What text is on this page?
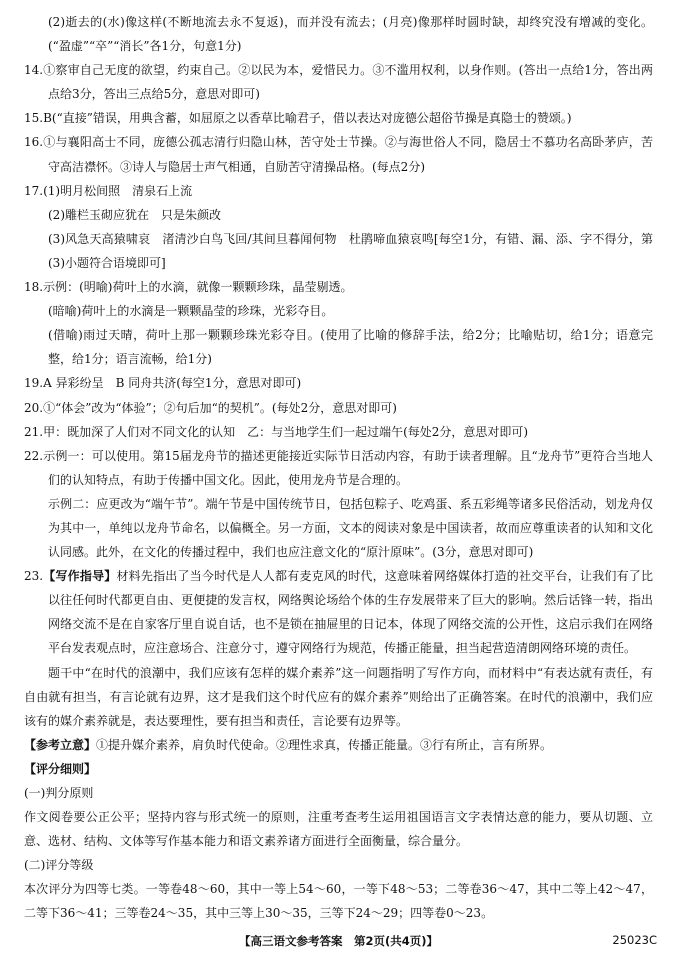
(2)逝去的(水)像这样(不断地流去永不复返)，而并没有流去；(月亮)像那样时圆时缺，却终究没有增减的变化。(“盈虚”“卒”“消长”各1分，句意1分)

14.①察审自己无度的欲望，约束自己。②以民为本，爱惜民力。③不滥用权利，以身作则。(答出一点给1分，答出两点给3分，答出三点给5分，意思对即可)

15.B(“直接”错误，用典含蓄，如屈原之以香草比喻君子，借以表达对庞德公超俗节操是真隐士的赞颂。)

16.①与襄阳高士不同，庞德公孤志清行归隐山林，苦守处士节操。②与海世俗人不同，隐居士不慕功名高卧茅庐，苦守高洁襟怀。③诗人与隐居士声气相通，自励苦守清操品格。(每点2分)

17.(1)明月松间照　清泉石上流

(2)雕栏玉砌应犹在　只是朱颜改

(3)风急天高猿啸哀　渚清沙白鸟飞回/其间旦暮闻何物　杜鹃啼血猿哀鸣[每空1分，有错、漏、添、字不得分，第(3)小题符合语境即可]

18.示例：(明喻)荷叶上的水滴，就像一颗颗珍珠，晶莹剔透。

(暗喻)荷叶上的水滴是一颗颗晶莹的珍珠，光彩夺目。

(借喻)雨过天晴，荷叶上那一颗颗珍珠光彩夺目。(使用了比喻的修辞手法，给2分；比喻贴切，给1分；语意完整，给1分；语言流畅，给1分)

19.A 异彩纷呈　B 同舟共济(每空1分，意思对即可)

20.①“体会”改为“体验”；②句后加“的契机”。(每处2分，意思对即可)

21.甲：既加深了人们对不同文化的认知　乙：与当地学生们一起过端午(每处2分，意思对即可)

22.示例一：可以使用。第15届龙舟节的描述更能接近实际节日活动内容，有助于读者理解。且“龙舟节”更符合当地人们的认知特点，有助于传播中国文化。因此，使用龙舟节是合理的。

示例二：应更改为“端午节”。端午节是中国传统节日，包括包粽子、吃鸡蛋、系五彩绳等诸多民俗活动，划龙舟仅为其中一，单纯以龙舟节命名，以偏概全。另一方面，文本的阅读对象是中国读者，故而应尊重读者的认知和文化认同感。此外，在文化的传播过程中，我们也应注意文化的“原汁原味”。(3分，意思对即可)

23.【写作指导】材料先指出了当今时代是人人都有麦克风的时代，这意味着网络媒体打造的社交平台，让我们有了比以往任何时代都更自由、更便捷的发言权，网络舆论场给个体的生存发展带来了巨大的影响。然后话锋一转，指出网络交流不是在自家客厅里自说自话，也不是锁在抽屉里的日记本，体现了网络交流的公开性，这启示我们在网络平台发表观点时，应注意场合、注意分寸，遵守网络行为规范，传播正能量，担当起营造清朗网络环境的责任。

题干中“在时代的浪潮中，我们应该有怎样的媒介素养”这一问题指明了写作方向，而材料中“有表达就有责任，有自由就有担当，有言论就有边界，这才是我们这个时代应有的媒介素养”则给出了正确答案。在时代的浪潮中，我们应该有的媒介素养就是，表达要理性，要有担当和责任，言论要有边界等。

【参考立意】①提升媒介素养，肩负时代使命。②理性求真，传播正能量。③行有所止，言有所界。

【评分细则】

(一)判分原则

作文阅卷要公正公平；坚持内容与形式统一的原则，注重考查考生运用祖国语言文字表情达意的能力，要从切题、立意、选材、结构、文体等写作基本能力和语文素养诸方面进行全面衡量，综合量分。

(二)评分等级

本次评分为四等七类。一等卷48～60，其中一等上54～60，一等下48～53；二等卷36～47，其中二等上42～47，二等下36～41；三等卷24～35，其中三等上30～35，三等下24～29；四等卷0～23。

【高三语文参考答案　第2页(共4页)】	25023C
